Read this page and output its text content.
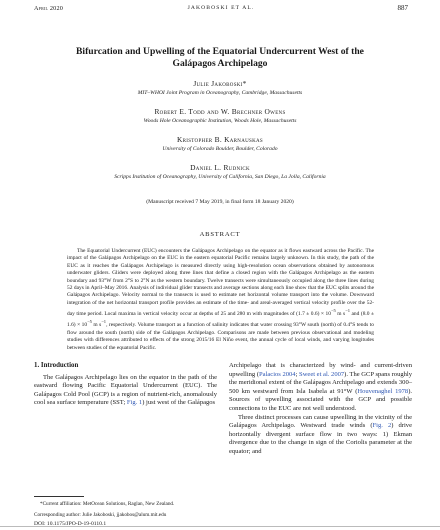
April 2020	JAKOBOSKI ET AL.	887
Bifurcation and Upwelling of the Equatorial Undercurrent West of the
Galápagos Archipelago
Julie Jakoboski*
MIT–WHOI Joint Program in Oceanography, Cambridge, Massachusetts
Robert E. Todd and W. Brechner Owens
Woods Hole Oceanographic Institution, Woods Hole, Massachusetts
Kristopher B. Karnauskas
University of Colorado Boulder, Boulder, Colorado
Daniel L. Rudnick
Scripps Institution of Oceanography, University of California, San Diego, La Jolla, California
(Manuscript received 7 May 2019, in final form 18 January 2020)
ABSTRACT

The Equatorial Undercurrent (EUC) encounters the Galápagos Archipelago on the equator as it flows eastward across the Pacific. The impact of the Galápagos Archipelago on the EUC in the eastern equatorial Pacific remains largely unknown. In this study, the path of the EUC as it reaches the Galápagos Archipelago is measured directly using high-resolution ocean observations obtained by autonomous underwater gliders. Gliders were deployed along three lines that define a closed region with the Galápagos Archipelago as the eastern boundary and 93°W from 2°S to 2°N as the western boundary. Twelve transects were simultaneously occupied along the three lines during 52 days in April–May 2016. Analysis of individual glider transects and average sections along each line show that the EUC splits around the Galápagos Archipelago. Velocity normal to the transects is used to estimate net horizontal volume transport into the volume. Downward integration of the net horizontal transport profile provides an estimate of the time- and areal-averaged vertical velocity profile over the 52-day time period. Local maxima in vertical velocity occur at depths of 25 and 280 m with magnitudes of $(1.7 \pm 0.6) \times 10^{-5}$ m $s^{-1}$ and $(8.0 \pm 1.6) \times 10^{-5}$ m $s^{-1}$, respectively. Volume transport as a function of salinity indicates that water crossing 93°W south (north) of 0.4°S tends to flow around the south (north) side of the Galápagos Archipelago. Comparisons are made between previous observational and modeling studies with differences attributed to effects of the strong 2015/16 El Niño event, the annual cycle of local winds, and varying longitudes between studies of the equatorial Pacific.

1. Introduction

The Galápagos Archipelago lies on the equator in the path of the eastward flowing Pacific Equatorial Undercurrent (EUC). The Galápagos Cold Pool (GCP) is a region of nutrient-rich, anomalously cool sea surface temperature (SST; Fig. 1) just west of the Galápagos

Archipelago that is characterized by wind- and current-driven upwelling (Palacios 2004; Sweet et al. 2007). The GCP spans roughly the meridional extent of the Galápagos Archipelago and extends 300–500 km westward from Isla Isabela at 91°W (Houvenaghel 1978). Sources of upwelling associated with the GCP and possible connections to the EUC are not well understood.

Three distinct processes can cause upwelling in the vicinity of the Galápagos Archipelago. Westward trade winds (Fig. 2) drive horizontally divergent surface flow in two ways: 1) Ekman divergence due to the change in sign of the Coriolis parameter at the equator; and

*Current affiliation: MetOcean Solutions, Raglan, New Zealand.
Corresponding author: Julie Jakoboski, jjakobos@alum.mit.edu
DOI: 10.1175/JPO-D-19-0110.1
